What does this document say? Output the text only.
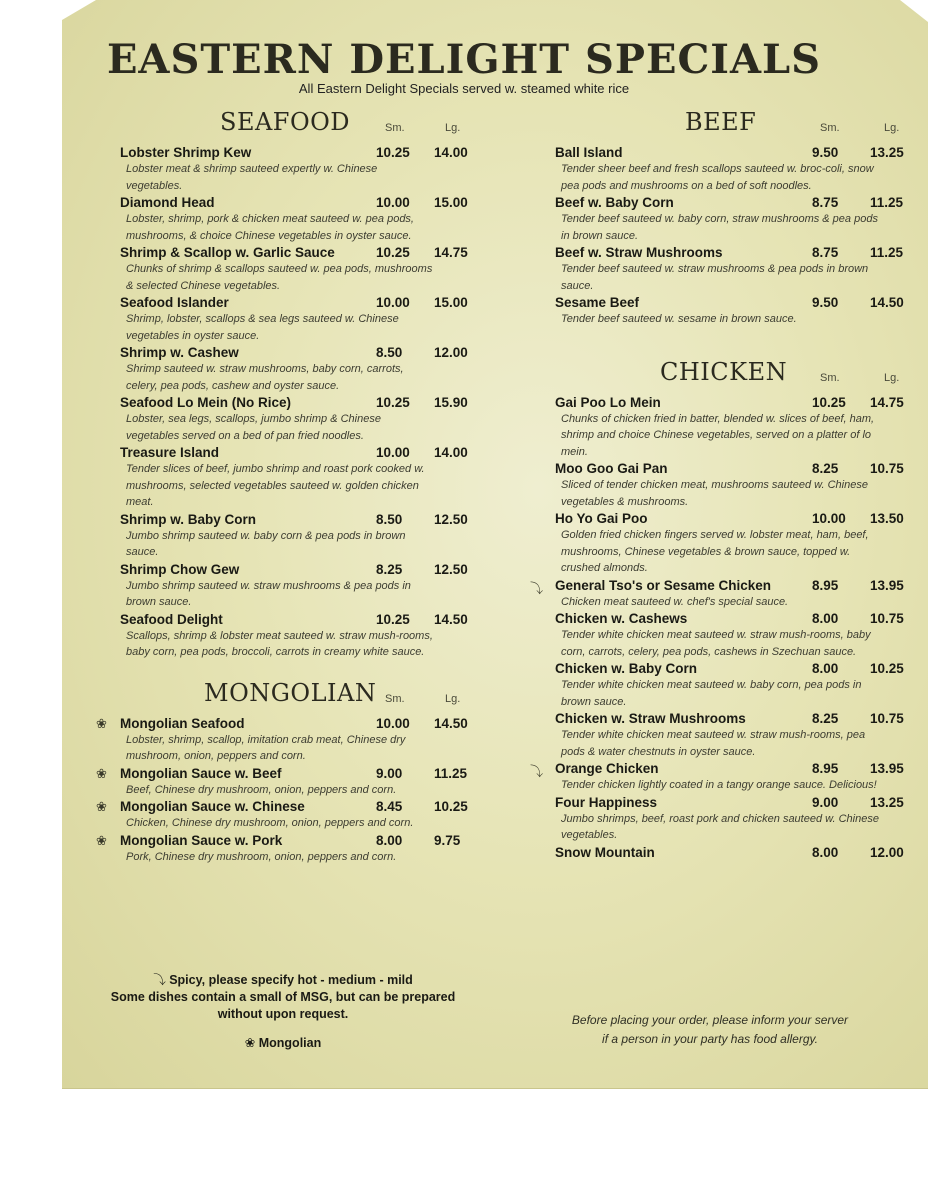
EASTERN DELIGHT SPECIALS
All Eastern Delight Specials served w. steamed white rice
SEAFOOD	Sm.	Lg.
Lobster Shrimp Kew	10.25 14.00
Lobster meat & shrimp sauteed expertly w. Chinese vegetables.
Diamond Head	10.00 15.00
Lobster, shrimp, pork & chicken meat sauteed w. pea pods, mushrooms, & choice Chinese vegetables in oyster sauce.
Shrimp & Scallop w. Garlic Sauce	10.25 14.75
Chunks of shrimp & scallops sauteed w. pea pods, mushrooms & selected Chinese vegetables.
Seafood Islander	10.00 15.00
Shrimp, lobster, scallops & sea legs sauteed w. Chinese vegetables in oyster sauce.
Shrimp w. Cashew	8.50 12.00
Shrimp sauteed w. straw mushrooms, baby corn, carrots, celery, pea pods, cashew and oyster sauce.
Seafood Lo Mein (No Rice)	10.25 15.90
Lobster, sea legs, scallops, jumbo shrimp & Chinese vegetables served on a bed of pan fried noodles.
Treasure Island	10.00 14.00
Tender slices of beef, jumbo shrimp and roast pork cooked w. mushrooms, selected vegetables sauteed w. golden chicken meat.
Shrimp w. Baby Corn	8.50 12.50
Jumbo shrimp sauteed w. baby corn & pea pods in brown sauce.
Shrimp Chow Gew	8.25 12.50
Jumbo shrimp sauteed w. straw mushrooms & pea pods in brown sauce.
Seafood Delight	10.25 14.50
Scallops, shrimp & lobster meat sauteed w. straw mush-rooms, baby corn, pea pods, broccoli, carrots in creamy white sauce.
MONGOLIAN Sm.	Lg.
❀ Mongolian Seafood	10.00 14.50
Lobster, shrimp, scallop, imitation crab meat, Chinese dry mushroom, onion, peppers and corn.
❀ Mongolian Sauce w. Beef	9.00 11.25
Beef, Chinese dry mushroom, onion, peppers and corn.
❀ Mongolian Sauce w. Chinese	8.45 10.25
Chicken, Chinese dry mushroom, onion, peppers and corn.
❀ Mongolian Sauce w. Pork	8.00 9.75
Pork, Chinese dry mushroom, onion, peppers and corn.
BEEF	Sm.	Lg.
Ball Island	9.50 13.25
Tender sheer beef and fresh scallops sauteed w. broc-coli, snow pea pods and mushrooms on a bed of soft noodles.
Beef w. Baby Corn	8.75 11.25
Tender beef sauteed w. baby corn, straw mushrooms & pea pods in brown sauce.
Beef w. Straw Mushrooms	8.75 11.25
Tender beef sauteed w. straw mushrooms & pea pods in brown sauce.
Sesame Beef	9.50 14.50
Tender beef sauteed w. sesame in brown sauce.
CHICKEN	Sm.	Lg.
Gai Poo Lo Mein	10.25 14.75
Chunks of chicken fried in batter, blended w. slices of beef, ham, shrimp and choice Chinese vegetables, served on a platter of lo mein.
Moo Goo Gai Pan	8.25 10.75
Sliced of tender chicken meat, mushrooms sauteed w. Chinese vegetables & mushrooms.
Ho Yo Gai Poo	10.00 13.50
Golden fried chicken fingers served w. lobster meat, ham, beef, mushrooms, Chinese vegetables & brown sauce, topped w. crushed almonds.
⤵ General Tso's or Sesame Chicken	8.95 13.95
Chicken meat sauteed w. chef's special sauce.
Chicken w. Cashews	8.00 10.75
Tender white chicken meat sauteed w. straw mush-rooms, baby corn, carrots, celery, pea pods, cashews in Szechuan sauce.
Chicken w. Baby Corn	8.00 10.25
Tender white chicken meat sauteed w. baby corn, pea pods in brown sauce.
Chicken w. Straw Mushrooms	8.25 10.75
Tender white chicken meat sauteed w. straw mush-rooms, pea pods & water chestnuts in oyster sauce.
⤵ Orange Chicken	8.95 13.95
Tender chicken lightly coated in a tangy orange sauce. Delicious!
Four Happiness	9.00 13.25
Jumbo shrimps, beef, roast pork and chicken sauteed w. Chinese vegetables.
Snow Mountain	8.00 12.00
⤵ Spicy, please specify hot - medium - mild
Some dishes contain a small of MSG, but can be prepared
without upon request.
❀ Mongolian
Before placing your order, please inform your server
if a person in your party has food allergy.
